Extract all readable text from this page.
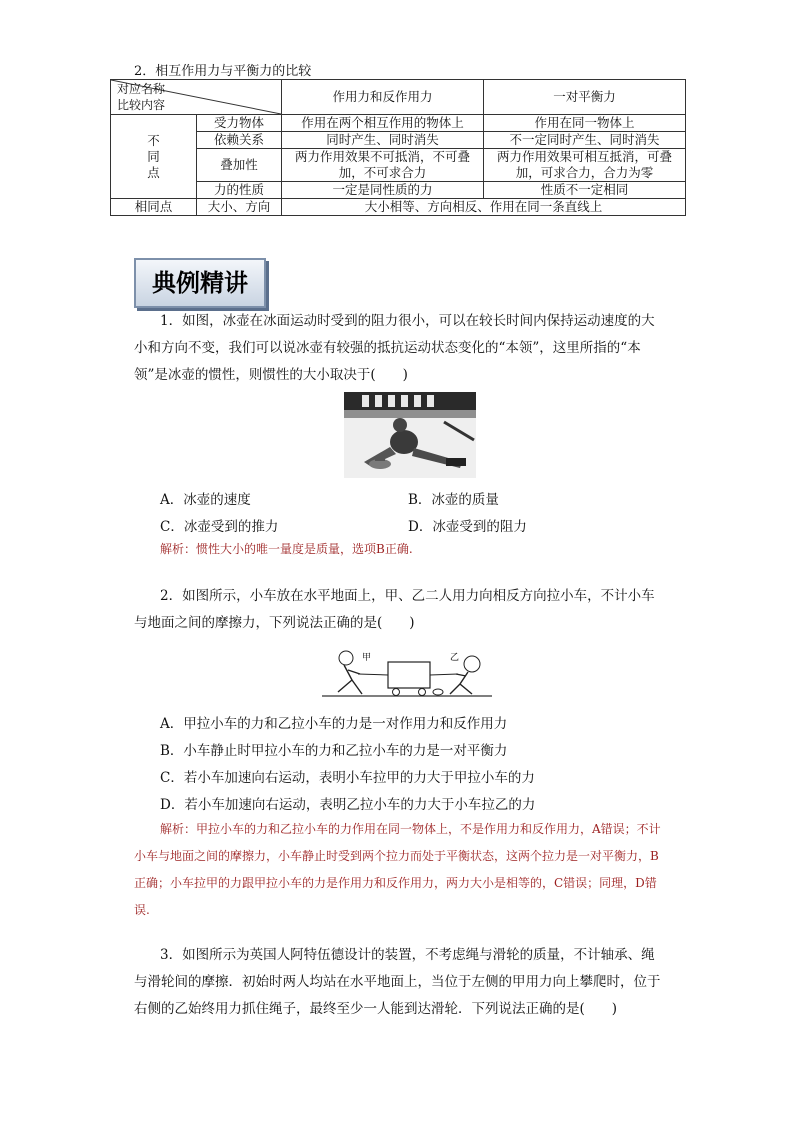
2．相互作用力与平衡力的比较
对应名称
比较内容		作用力和反作用力	一对平衡力

不
同
点	受力物体	作用在两个相互作用的物体上	作用在同一物体上
	依赖关系	同时产生、同时消失	不一定同时产生、同时消失
	叠加性	两力作用效果不可抵消，不可叠加，不可求合力	两力作用效果可相互抵消，可叠加，可求合力，合力为零
	力的性质	一定是同性质的力	性质不一定相同
相同点	大小、方向	大小相等、方向相反、作用在同一条直线上	
典例精讲
1．如图，冰壶在冰面运动时受到的阻力很小，可以在较长时间内保持运动速度的大小和方向不变，我们可以说冰壶有较强的抵抗运动状态变化的“本领”，这里所指的“本领”是冰壶的惯性，则惯性的大小取决于(　　)
A．冰壶的速度	B．冰壶的质量
C．冰壶受到的推力	D．冰壶受到的阻力
解析：惯性大小的唯一量度是质量，选项B正确.
2．如图所示，小车放在水平地面上，甲、乙二人用力向相反方向拉小车，不计小车与地面之间的摩擦力，下列说法正确的是(　　)
甲	乙
A．甲拉小车的力和乙拉小车的力是一对作用力和反作用力
B．小车静止时甲拉小车的力和乙拉小车的力是一对平衡力
C．若小车加速向右运动，表明小车拉甲的力大于甲拉小车的力
D．若小车加速向右运动，表明乙拉小车的力大于小车拉乙的力
解析：甲拉小车的力和乙拉小车的力作用在同一物体上，不是作用力和反作用力，A错误；不计小车与地面之间的摩擦力，小车静止时受到两个拉力而处于平衡状态，这两个拉力是一对平衡力，B正确；小车拉甲的力跟甲拉小车的力是作用力和反作用力，两力大小是相等的，C错误；同理，D错误.
3．如图所示为英国人阿特伍德设计的装置，不考虑绳与滑轮的质量，不计轴承、绳与滑轮间的摩擦．初始时两人均站在水平地面上，当位于左侧的甲用力向上攀爬时，位于右侧的乙始终用力抓住绳子，最终至少一人能到达滑轮．下列说法正确的是(　　)
